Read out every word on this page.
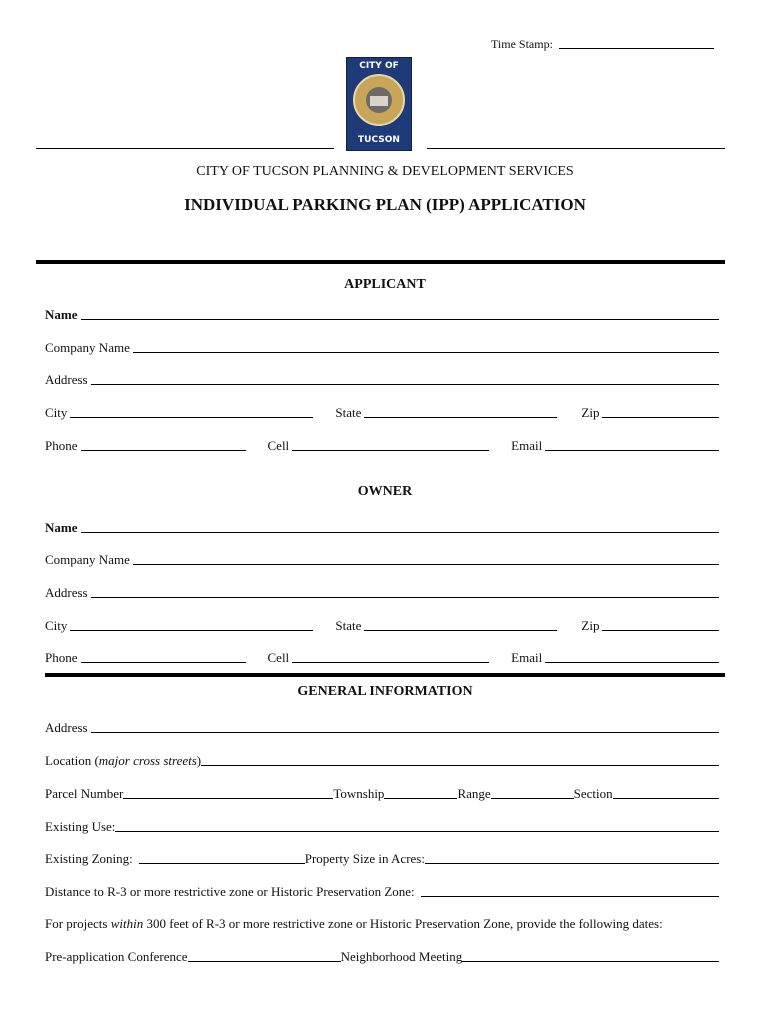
Time Stamp:
CITY OF
TUCSON
CITY OF TUCSON PLANNING & DEVELOPMENT SERVICES
INDIVIDUAL PARKING PLAN (IPP) APPLICATION
APPLICANT
Name
Company Name
Address
City	State	Zip
Phone	Cell	Email
OWNER
Name
Company Name
Address
City	State	Zip
Phone	Cell	Email
GENERAL INFORMATION
Address
Location (major cross streets)
Parcel Number	Township	Range	Section
Existing Use:
Existing Zoning:	Property Size in Acres:
Distance to R-3 or more restrictive zone or Historic Preservation Zone:
For projects within 300 feet of R-3 or more restrictive zone or Historic Preservation Zone, provide the following dates:
Pre-application Conference	Neighborhood Meeting
